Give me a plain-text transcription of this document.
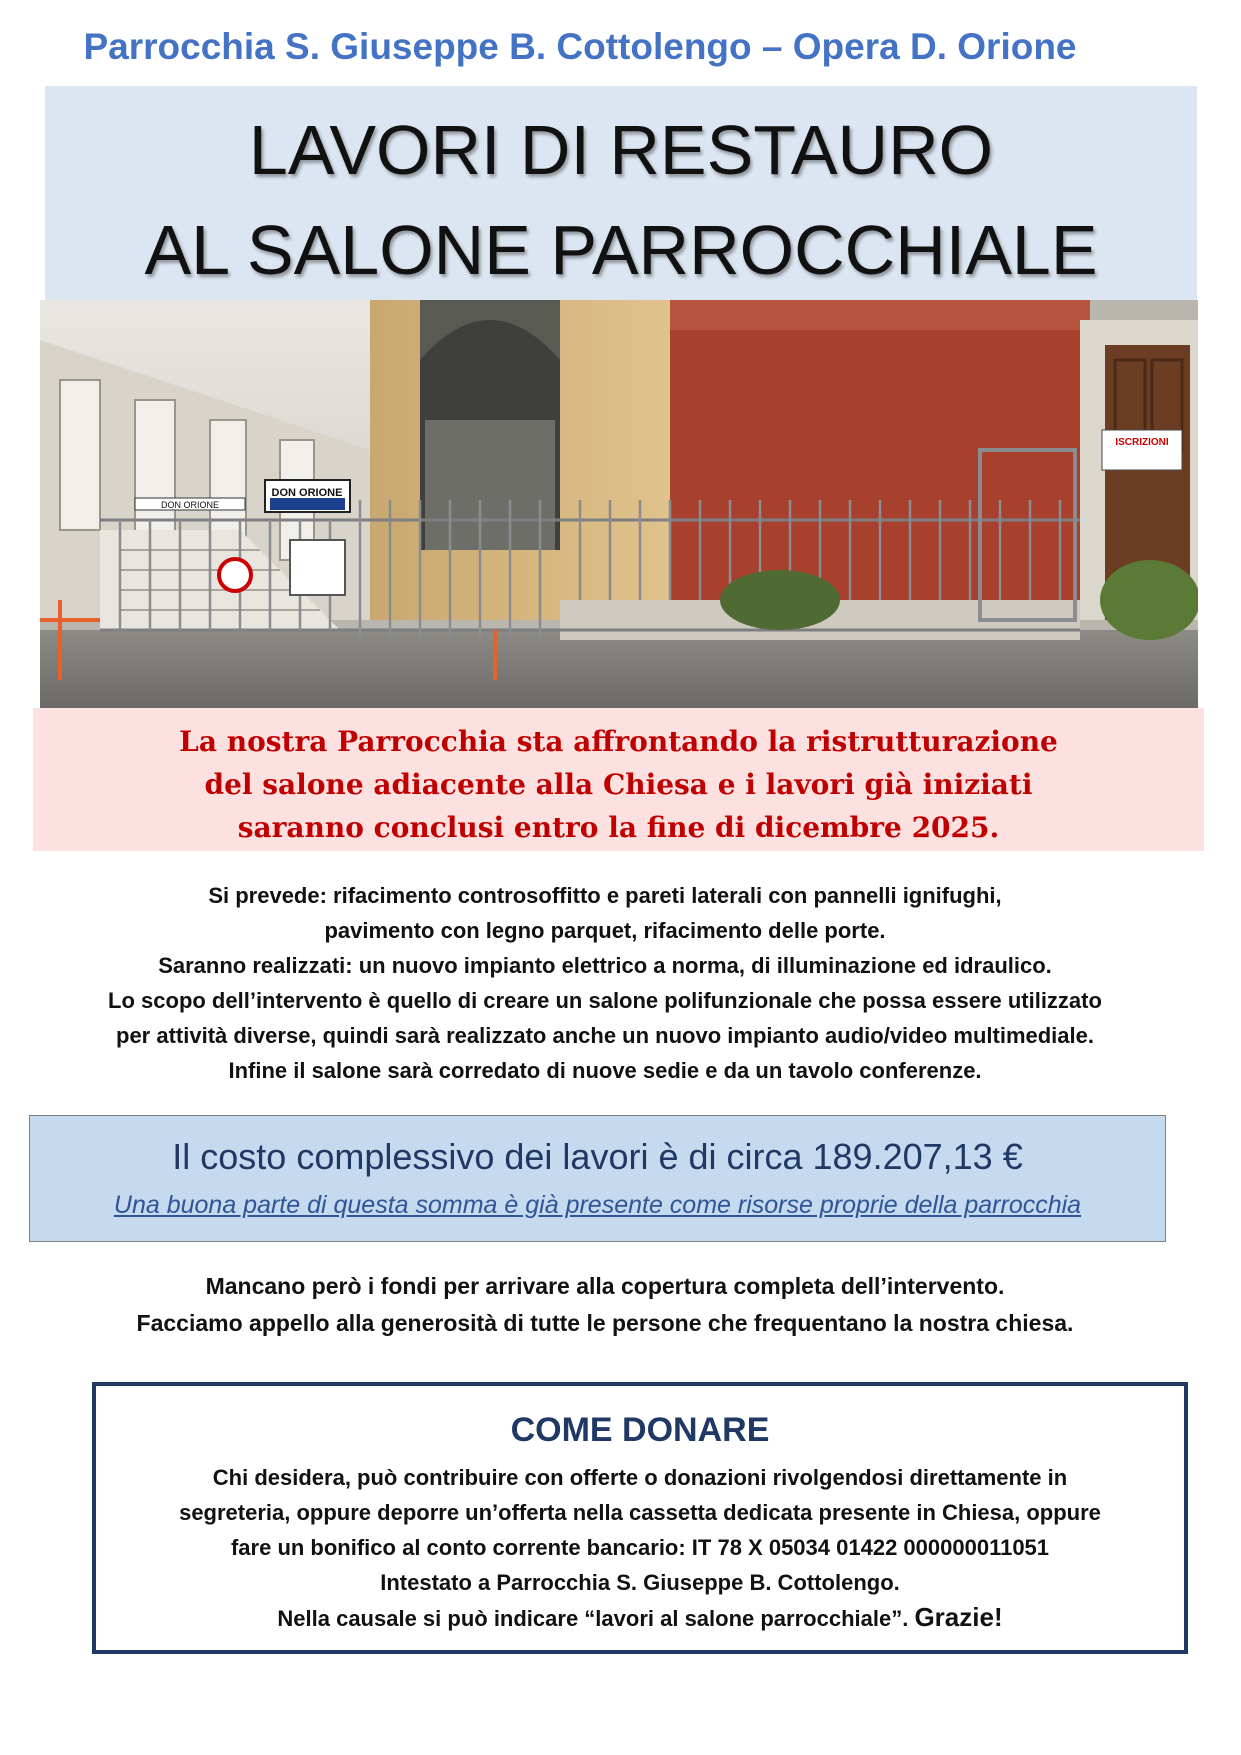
Parrocchia S. Giuseppe B. Cottolengo – Opera D. Orione
LAVORI DI RESTAURO
AL SALONE PARROCCHIALE
DON ORIONE
DON ORIONE
ISCRIZIONI
La nostra Parrocchia sta affrontando la ristrutturazione
del salone adiacente alla Chiesa e i lavori già iniziati
saranno conclusi entro la fine di dicembre 2025.
Si prevede: rifacimento controsoffitto e pareti laterali con pannelli ignifughi,
pavimento con legno parquet, rifacimento delle porte.
Saranno realizzati: un nuovo impianto elettrico a norma, di illuminazione ed idraulico.
Lo scopo dell’intervento è quello di creare un salone polifunzionale che possa essere utilizzato
per attività diverse, quindi sarà realizzato anche un nuovo impianto audio/video multimediale.
Infine il salone sarà corredato di nuove sedie e da un tavolo conferenze.
Il costo complessivo dei lavori è di circa 189.207,13 €
Una buona parte di questa somma è già presente come risorse proprie della parrocchia
Mancano però i fondi per arrivare alla copertura completa dell’intervento.
Facciamo appello alla generosità di tutte le persone che frequentano la nostra chiesa.
COME DONARE
Chi desidera, può contribuire con offerte o donazioni rivolgendosi direttamente in
segreteria, oppure deporre un’offerta nella cassetta dedicata presente in Chiesa, oppure
fare un bonifico al conto corrente bancario: IT 78 X 05034 01422 000000011051
Intestato a Parrocchia S. Giuseppe B. Cottolengo.
Nella causale si può indicare “lavori al salone parrocchiale”. Grazie!
